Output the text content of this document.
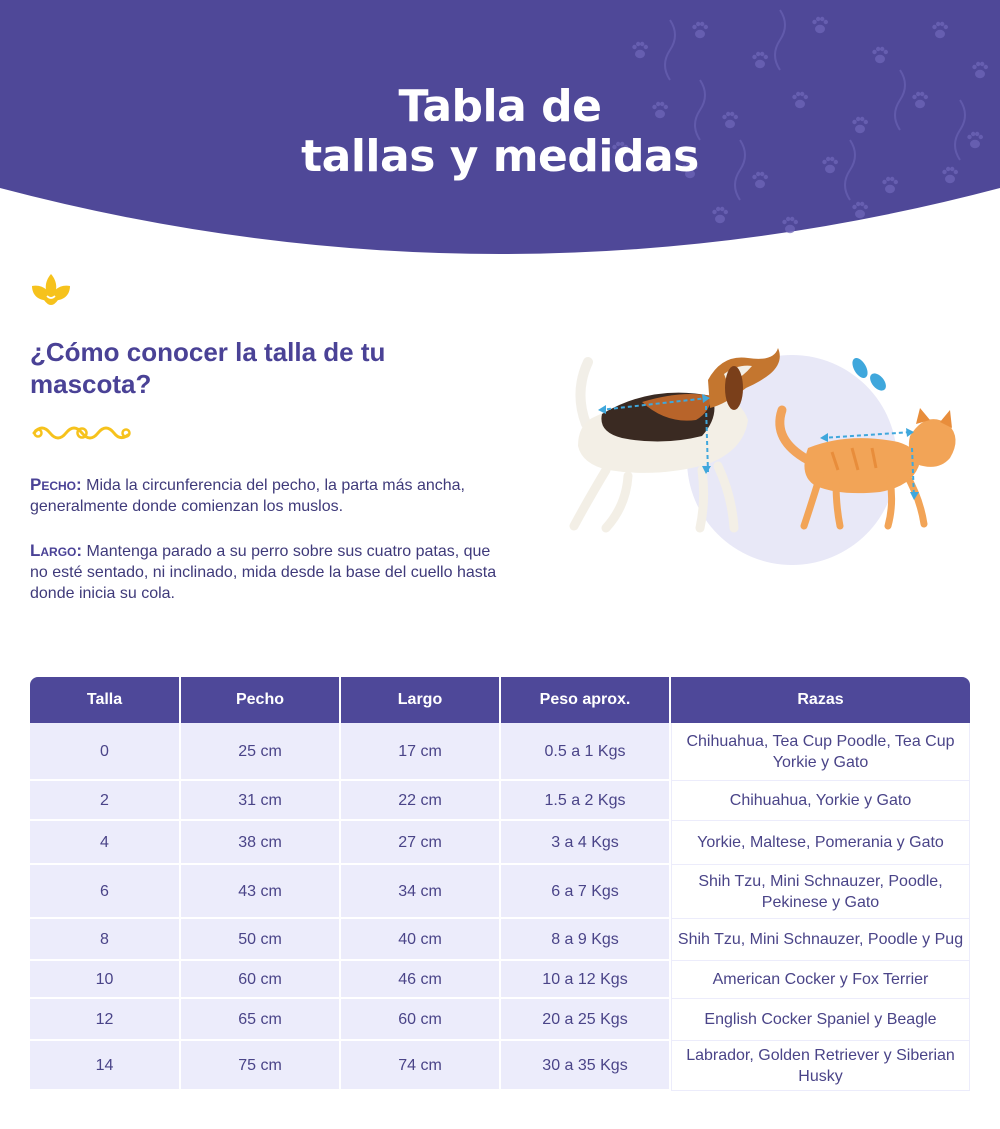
Tabla de
tallas y medidas
¿Cómo conocer la talla de tu mascota?
Pecho: Mida la circunferencia del pecho, la parta más ancha, generalmente donde comienzan los muslos.
Largo: Mantenga parado a su perro sobre sus cuatro patas, que no esté sentado, ni inclinado, mida desde la base del cuello hasta donde inicia su cola.
Talla	Pecho	Largo	Peso aprox.	Razas
0	25 cm	17 cm	0.5 a 1 Kgs	Chihuahua, Tea Cup Poodle, Tea Cup Yorkie y Gato
2	31 cm	22 cm	1.5 a 2 Kgs	Chihuahua, Yorkie y Gato
4	38 cm	27 cm	3 a 4 Kgs	Yorkie, Maltese, Pomerania y Gato
6	43 cm	34 cm	6 a 7 Kgs	Shih Tzu, Mini Schnauzer, Poodle, Pekinese y Gato
8	50 cm	40 cm	8 a 9 Kgs	Shih Tzu, Mini Schnauzer, Poodle y Pug
10	60 cm	46 cm	10 a 12 Kgs	American Cocker y Fox Terrier
12	65 cm	60 cm	20 a 25 Kgs	English Cocker Spaniel y Beagle
14	75 cm	74 cm	30 a 35 Kgs	Labrador, Golden Retriever y Siberian Husky
